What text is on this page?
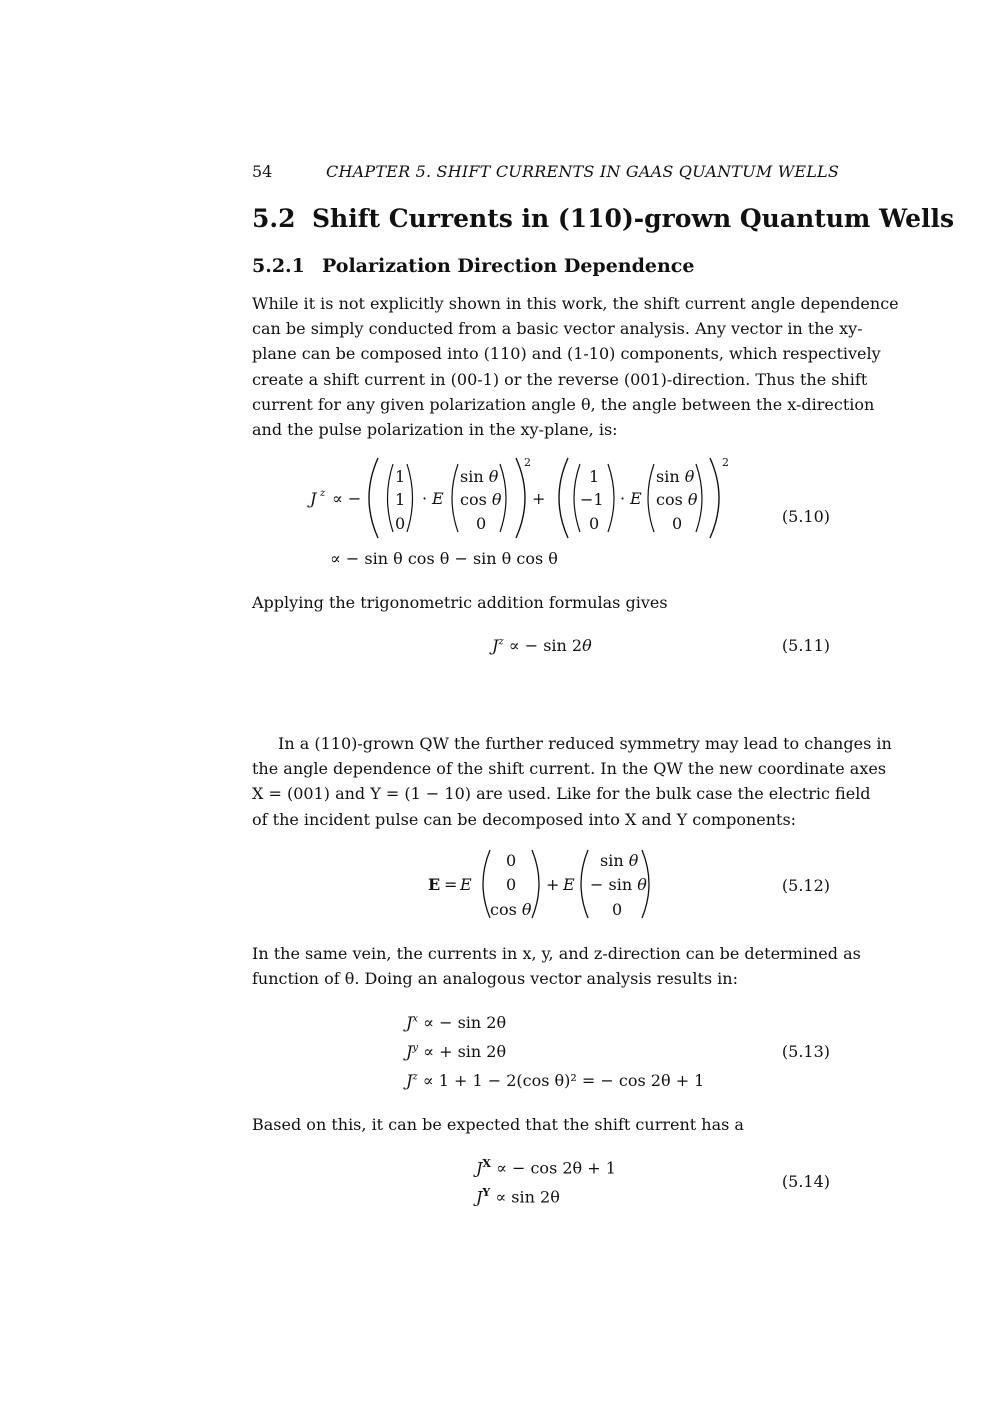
54	CHAPTER 5. SHIFT CURRENTS IN GAAS QUANTUM WELLS
5.2 Shift Currents in (110)-grown Quantum Wells
5.2.1 Polarization Direction Dependence
While it is not explicitly shown in this work, the shift current angle dependence
can be simply conducted from a basic vector analysis. Any vector in the xy-
plane can be composed into (110) and (1-10) components, which respectively
create a shift current in (00-1) or the reverse (001)-direction. Thus the shift
current for any given polarization angle θ, the angle between the x-direction
and the pulse polarization in the xy-plane, is:
J z ∝ −
2
1
1
0
· E
sin θ
cos θ
0
+
2
1
−1
0
· E
sin θ
cos θ
0
∝ − sin θ cos θ − sin θ cos θ
(5.10)
Applying the trigonometric addition formulas gives
$J^z$ ∝ − sin 2θ	(5.11)
In a (110)-grown QW the further reduced symmetry may lead to changes in
the angle dependence of the shift current. In the QW the new coordinate axes
X = (001) and Y = (1 − 10) are used. Like for the bulk case the electric field
of the incident pulse can be decomposed into X and Y components:
E = E
0
0
cos θ
+ E
sin θ
− sin θ
0
(5.12)
In the same vein, the currents in x, y, and z-direction can be determined as
function of θ. Doing an analogous vector analysis results in:
$J^x$ ∝ − sin 2θ
$J^y$ ∝ + sin 2θ
$J^z \propto 1 + 1 - 2(\cos$ θ)² = − cos 2θ + 1
(5.13)
Based on this, it can be expected that the shift current has a
$J^X$ ∝ − cos 2θ + 1
$J^Y \propto \sin 2\theta$
(5.14)
